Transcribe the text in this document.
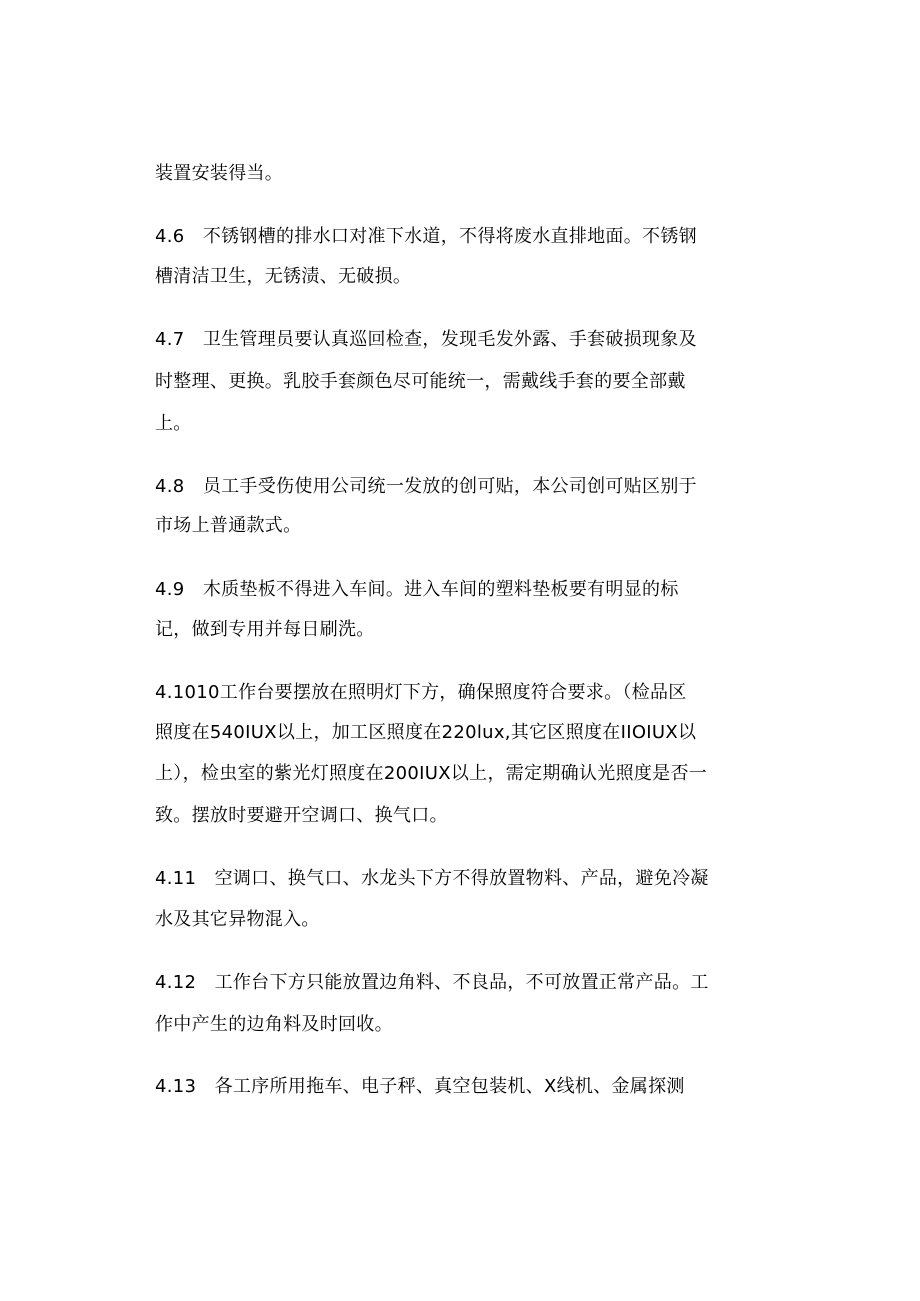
装置安装得当。
4.6　不锈钢槽的排水口对准下水道，不得将废水直排地面。不锈钢
槽清洁卫生，无锈渍、无破损。
4.7　卫生管理员要认真巡回检查，发现毛发外露、手套破损现象及
时整理、更换。乳胶手套颜色尽可能统一，需戴线手套的要全部戴
上。
4.8　员工手受伤使用公司统一发放的创可贴，本公司创可贴区别于
市场上普通款式。
4.9　木质垫板不得进入车间。进入车间的塑料垫板要有明显的标
记，做到专用并每日刷洗。
4.1010工作台要摆放在照明灯下方，确保照度符合要求。（检品区
照度在540IUX以上，加工区照度在220lux,其它区照度在IIOIUX以
上），检虫室的紫光灯照度在200IUX以上，需定期确认光照度是否一
致。摆放时要避开空调口、换气口。
4.11　空调口、换气口、水龙头下方不得放置物料、产品，避免冷凝
水及其它异物混入。
4.12　工作台下方只能放置边角料、不良品，不可放置正常产品。工
作中产生的边角料及时回收。
4.13　各工序所用拖车、电子秤、真空包装机、X线机、金属探测
